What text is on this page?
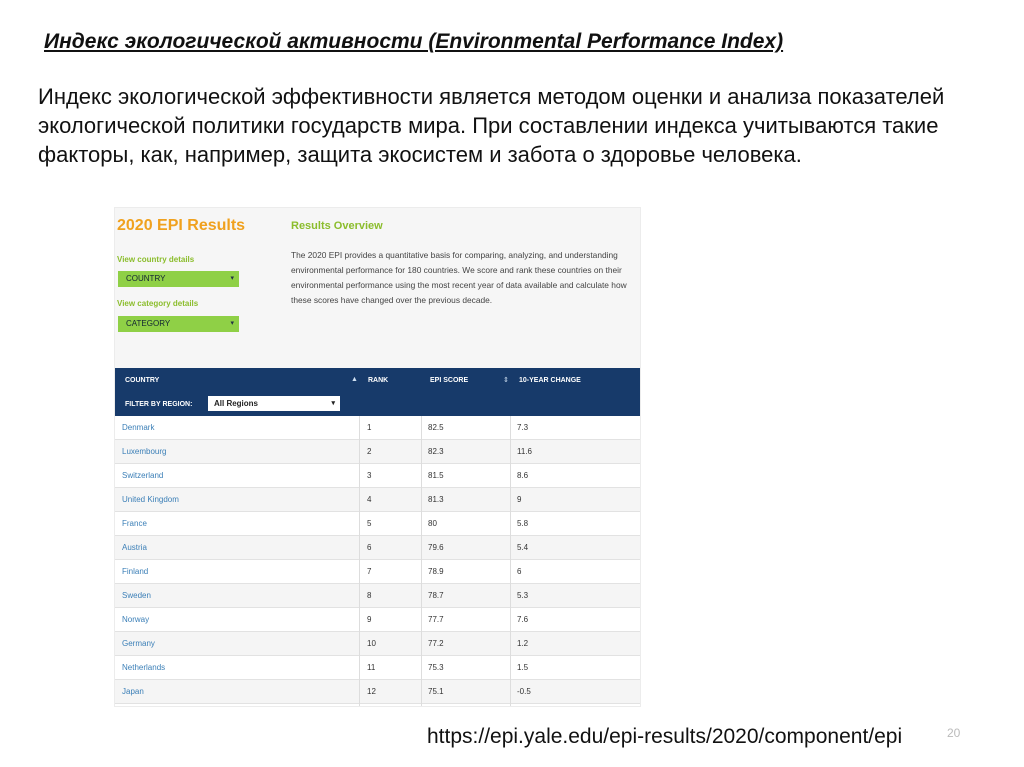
Индекс экологической активности (Environmental Performance Index)

Индекс экологической эффективности является методом оценки и анализа показателей экологической политики государств мира. При составлении индекса учитываются такие факторы, как, например, защита экосистем и забота о здоровье человека.

2020 EPI Results
View country details
COUNTRY	▾
View category details
CATEGORY	▾
Results Overview

The 2020 EPI provides a quantitative basis for comparing, analyzing, and understanding environmental performance for 180 countries. We score and rank these countries on their environmental performance using the most recent year of data available and calculate how these scores have changed over the previous decade.

COUNTRY	▲ RANK	EPI SCORE	⇕ 10-YEAR CHANGE
FILTER BY REGION:	All Regions	▾
Denmark	1	82.5	7.3
Luxembourg	2	82.3	11.6
Switzerland	3	81.5	8.6
United Kingdom	4	81.3	9
France	5	80	5.8
Austria	6	79.6	5.4
Finland	7	78.9	6
Sweden	8	78.7	5.3
Norway	9	77.7	7.6
Germany	10	77.2	1.2
Netherlands	11	75.3	1.5
Japan	12	75.1	-0.5
https://epi.yale.edu/epi-results/2020/component/epi	20
